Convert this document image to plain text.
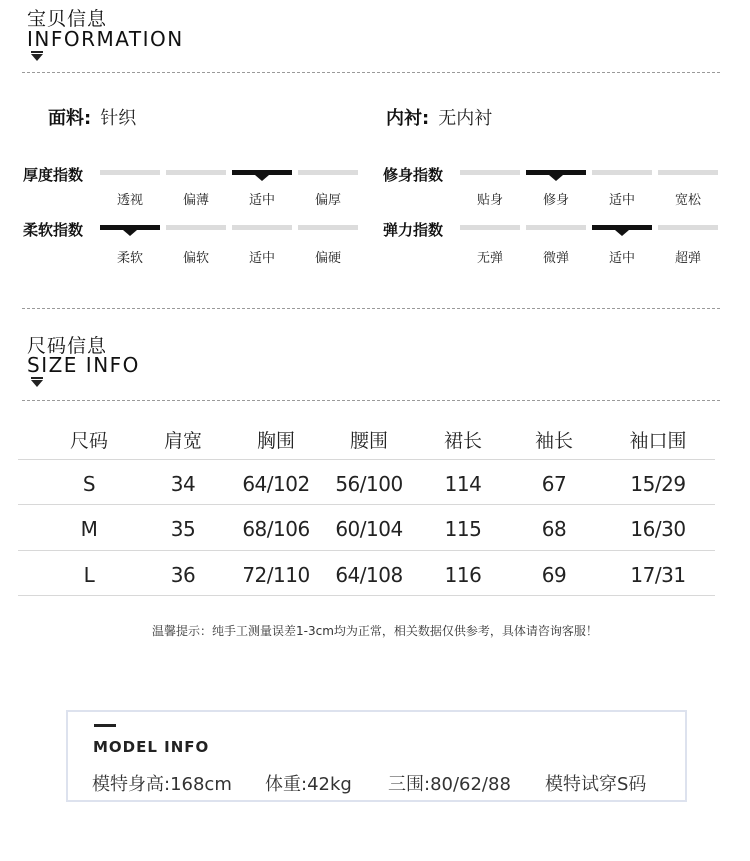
宝贝信息
INFORMATION
面料: 针织	内衬: 无内衬
厚度指数
透视	偏薄	适中	偏厚
修身指数
贴身	修身	适中	宽松
柔软指数
柔软	偏软	适中	偏硬
弹力指数
无弹	微弹	适中	超弹
尺码信息
SIZE INFO
尺码	肩宽	胸围	腰围	裙长	袖长	袖口围
S	34	64/102	56/100	114	67	15/29
M	35	68/106	60/104	115	68	16/30
L	36	72/110	64/108	116	69	17/31
温馨提示：纯手工测量误差1-3cm均为正常，相关数据仅供参考，具体请咨询客服！
MODEL INFO
模特身高:168cm 体重:42kg 三围:80/62/88 模特试穿S码
